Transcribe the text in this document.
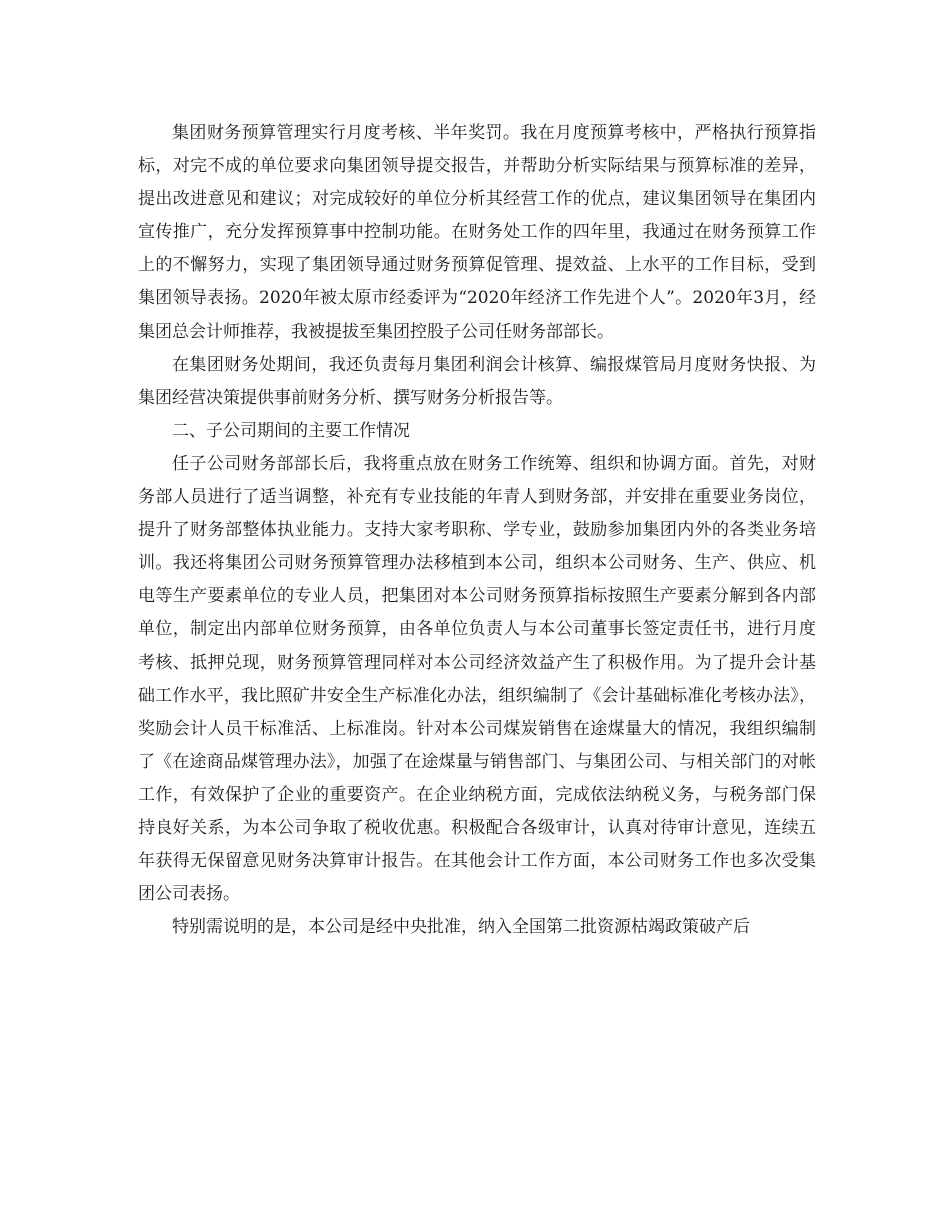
集团财务预算管理实行月度考核、半年奖罚。我在月度预算考核中，严格执行预算指标，对完不成的单位要求向集团领导提交报告，并帮助分析实际结果与预算标准的差异，提出改进意见和建议；对完成较好的单位分析其经营工作的优点，建议集团领导在集团内宣传推广，充分发挥预算事中控制功能。在财务处工作的四年里，我通过在财务预算工作上的不懈努力，实现了集团领导通过财务预算促管理、提效益、上水平的工作目标，受到集团领导表扬。2020年被太原市经委评为“2020年经济工作先进个人”。2020年3月，经集团总会计师推荐，我被提拔至集团控股子公司任财务部部长。

在集团财务处期间，我还负责每月集团利润会计核算、编报煤管局月度财务快报、为集团经营决策提供事前财务分析、撰写财务分析报告等。

二、子公司期间的主要工作情况

任子公司财务部部长后，我将重点放在财务工作统筹、组织和协调方面。首先，对财务部人员进行了适当调整，补充有专业技能的年青人到财务部，并安排在重要业务岗位，提升了财务部整体执业能力。支持大家考职称、学专业，鼓励参加集团内外的各类业务培训。我还将集团公司财务预算管理办法移植到本公司，组织本公司财务、生产、供应、机电等生产要素单位的专业人员，把集团对本公司财务预算指标按照生产要素分解到各内部单位，制定出内部单位财务预算，由各单位负责人与本公司董事长签定责任书，进行月度考核、抵押兑现，财务预算管理同样对本公司经济效益产生了积极作用。为了提升会计基础工作水平，我比照矿井安全生产标准化办法，组织编制了《会计基础标准化考核办法》，奖励会计人员干标准活、上标准岗。针对本公司煤炭销售在途煤量大的情况，我组织编制了《在途商品煤管理办法》，加强了在途煤量与销售部门、与集团公司、与相关部门的对帐工作，有效保护了企业的重要资产。在企业纳税方面，完成依法纳税义务，与税务部门保持良好关系，为本公司争取了税收优惠。积极配合各级审计，认真对待审计意见，连续五年获得无保留意见财务决算审计报告。在其他会计工作方面，本公司财务工作也多次受集团公司表扬。

特别需说明的是，本公司是经中央批准，纳入全国第二批资源枯竭政策破产后
